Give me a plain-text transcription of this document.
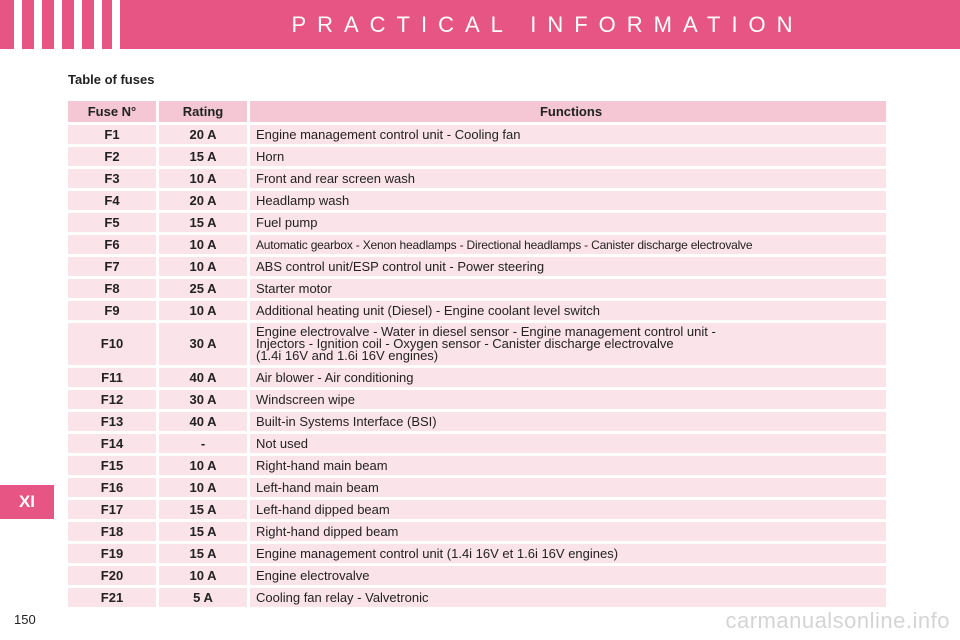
PRACTICAL INFORMATION
Table of fuses
Fuse N°	Rating	Functions
F1	20 A	Engine management control unit - Cooling fan
F2	15 A	Horn
F3	10 A	Front and rear screen wash
F4	20 A	Headlamp wash
F5	15 A	Fuel pump
F6	10 A	Automatic gearbox - Xenon headlamps - Directional headlamps - Canister discharge electrovalve
F7	10 A	ABS control unit/ESP control unit - Power steering
F8	25 A	Starter motor
F9	10 A	Additional heating unit (Diesel) - Engine coolant level switch
F10	30 A	Engine electrovalve - Water in diesel sensor - Engine management control unit -
Injectors - Ignition coil - Oxygen sensor - Canister discharge electrovalve
(1.4i 16V and 1.6i 16V engines)
F11	40 A	Air blower - Air conditioning
F12	30 A	Windscreen wipe
F13	40 A	Built-in Systems Interface (BSI)
F14	-	Not used
F15	10 A	Right-hand main beam
F16	10 A	Left-hand main beam
F17	15 A	Left-hand dipped beam
F18	15 A	Right-hand dipped beam
F19	15 A	Engine management control unit (1.4i 16V et 1.6i 16V engines)
F20	10 A	Engine electrovalve
F21	5 A	Cooling fan relay - Valvetronic
XI
150	carmanualsonline.info
